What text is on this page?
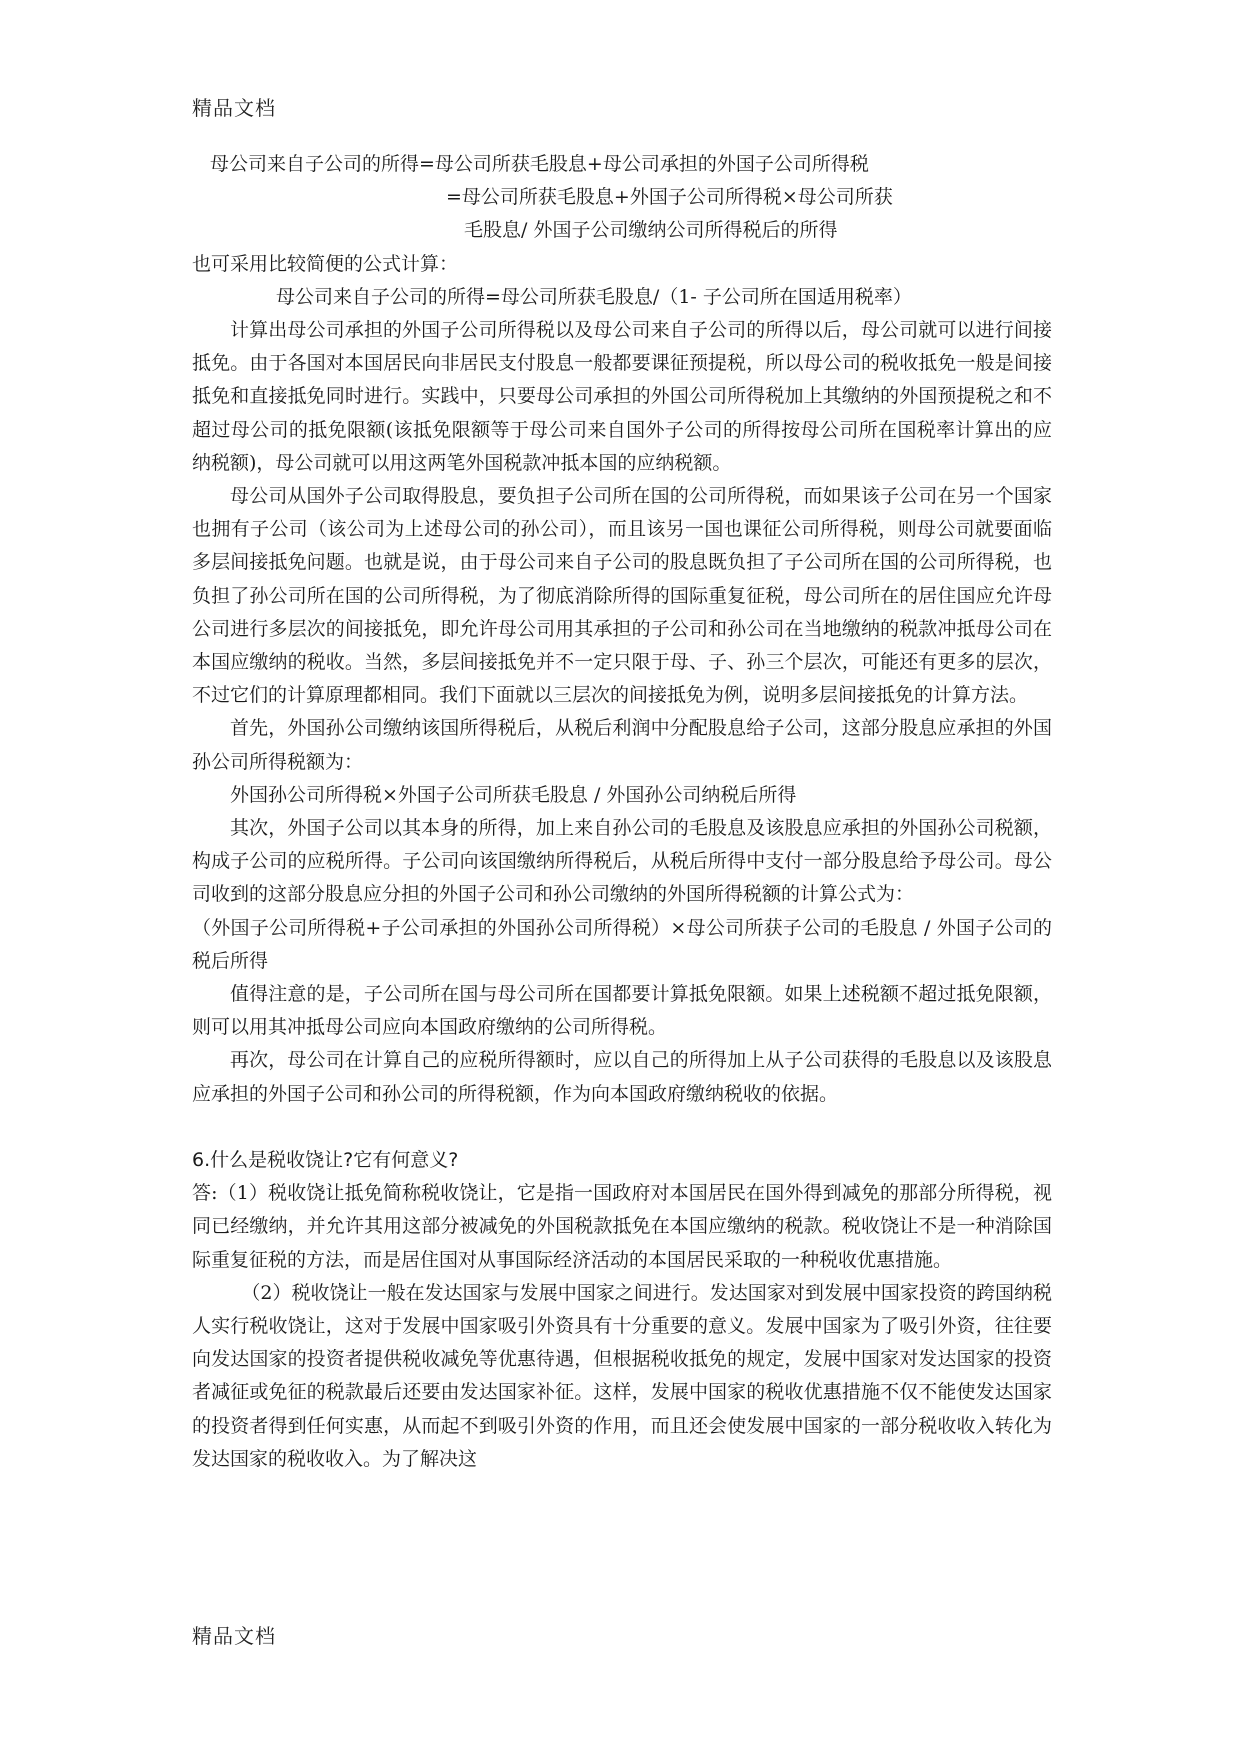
精品文档

母公司来自子公司的所得=母公司所获毛股息+母公司承担的外国子公司所得税

=母公司所获毛股息+外国子公司所得税×母公司所获

毛股息/ 外国子公司缴纳公司所得税后的所得

也可采用比较简便的公式计算：

母公司来自子公司的所得=母公司所获毛股息/（1- 子公司所在国适用税率）

计算出母公司承担的外国子公司所得税以及母公司来自子公司的所得以后，母公司就可以进行间接抵免。由于各国对本国居民向非居民支付股息一般都要课征预提税，所以母公司的税收抵免一般是间接抵免和直接抵免同时进行。实践中，只要母公司承担的外国公司所得税加上其缴纳的外国预提税之和不超过母公司的抵免限额(该抵免限额等于母公司来自国外子公司的所得按母公司所在国税率计算出的应纳税额)，母公司就可以用这两笔外国税款冲抵本国的应纳税额。

母公司从国外子公司取得股息，要负担子公司所在国的公司所得税，而如果该子公司在另一个国家也拥有子公司（该公司为上述母公司的孙公司），而且该另一国也课征公司所得税，则母公司就要面临多层间接抵免问题。也就是说，由于母公司来自子公司的股息既负担了子公司所在国的公司所得税，也负担了孙公司所在国的公司所得税，为了彻底消除所得的国际重复征税，母公司所在的居住国应允许母公司进行多层次的间接抵免，即允许母公司用其承担的子公司和孙公司在当地缴纳的税款冲抵母公司在本国应缴纳的税收。当然，多层间接抵免并不一定只限于母、子、孙三个层次，可能还有更多的层次，不过它们的计算原理都相同。我们下面就以三层次的间接抵免为例，说明多层间接抵免的计算方法。

首先，外国孙公司缴纳该国所得税后，从税后利润中分配股息给子公司，这部分股息应承担的外国孙公司所得税额为：

外国孙公司所得税×外国子公司所获毛股息 / 外国孙公司纳税后所得

其次，外国子公司以其本身的所得，加上来自孙公司的毛股息及该股息应承担的外国孙公司税额，构成子公司的应税所得。子公司向该国缴纳所得税后，从税后所得中支付一部分股息给予母公司。母公司收到的这部分股息应分担的外国子公司和孙公司缴纳的外国所得税额的计算公式为：

（外国子公司所得税+子公司承担的外国孙公司所得税）×母公司所获子公司的毛股息 / 外国子公司的税后所得

值得注意的是，子公司所在国与母公司所在国都要计算抵免限额。如果上述税额不超过抵免限额，则可以用其冲抵母公司应向本国政府缴纳的公司所得税。

再次，母公司在计算自己的应税所得额时，应以自己的所得加上从子公司获得的毛股息以及该股息应承担的外国子公司和孙公司的所得税额，作为向本国政府缴纳税收的依据。

6.什么是税收饶让?它有何意义?

答:（1）税收饶让抵免简称税收饶让，它是指一国政府对本国居民在国外得到减免的那部分所得税，视同已经缴纳，并允许其用这部分被减免的外国税款抵免在本国应缴纳的税款。税收饶让不是一种消除国际重复征税的方法，而是居住国对从事国际经济活动的本国居民采取的一种税收优惠措施。

（2）税收饶让一般在发达国家与发展中国家之间进行。发达国家对到发展中国家投资的跨国纳税人实行税收饶让，这对于发展中国家吸引外资具有十分重要的意义。发展中国家为了吸引外资，往往要向发达国家的投资者提供税收减免等优惠待遇，但根据税收抵免的规定，发展中国家对发达国家的投资者减征或免征的税款最后还要由发达国家补征。这样，发展中国家的税收优惠措施不仅不能使发达国家的投资者得到任何实惠，从而起不到吸引外资的作用，而且还会使发展中国家的一部分税收收入转化为发达国家的税收收入。为了解决这

精品文档
